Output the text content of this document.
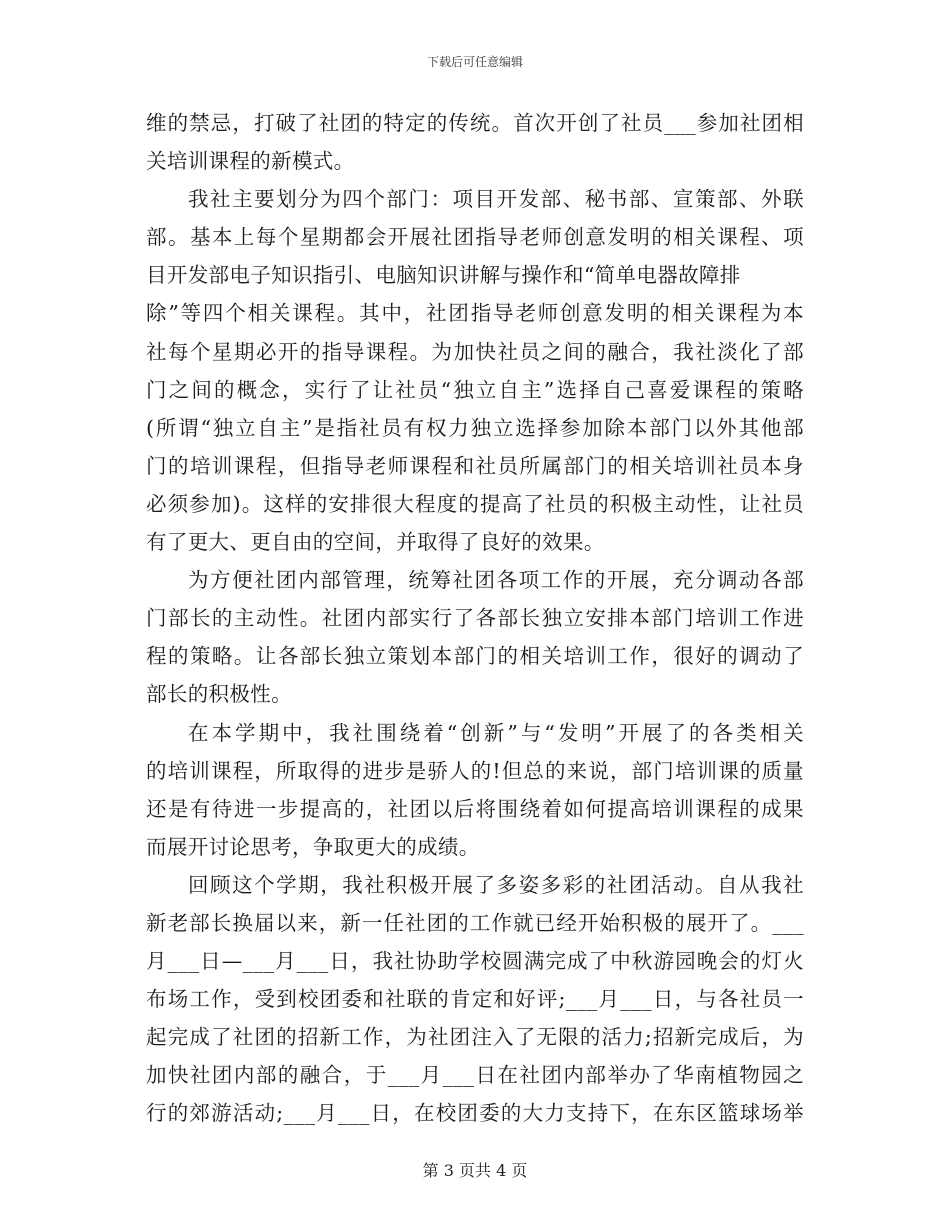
下载后可任意编辑
维的禁忌，打破了社团的特定的传统。首次开创了社员___参加社团相
关培训课程的新模式。
我社主要划分为四个部门：项目开发部、秘书部、宣策部、外联
部。基本上每个星期都会开展社团指导老师创意发明的相关课程、项
目开发部电子知识指引、电脑知识讲解与操作和“简单电器故障排
除”等四个相关课程。其中，社团指导老师创意发明的相关课程为本
社每个星期必开的指导课程。为加快社员之间的融合，我社淡化了部
门之间的概念，实行了让社员“独立自主”选择自己喜爱课程的策略
(所谓“独立自主”是指社员有权力独立选择参加除本部门以外其他部
门的培训课程，但指导老师课程和社员所属部门的相关培训社员本身
必须参加)。这样的安排很大程度的提高了社员的积极主动性，让社员
有了更大、更自由的空间，并取得了良好的效果。
为方便社团内部管理，统筹社团各项工作的开展，充分调动各部
门部长的主动性。社团内部实行了各部长独立安排本部门培训工作进
程的策略。让各部长独立策划本部门的相关培训工作，很好的调动了
部长的积极性。
在本学期中，我社围绕着“创新”与“发明”开展了的各类相关
的培训课程，所取得的进步是骄人的!但总的来说，部门培训课的质量
还是有待进一步提高的，社团以后将围绕着如何提高培训课程的成果
而展开讨论思考，争取更大的成绩。
回顾这个学期，我社积极开展了多姿多彩的社团活动。自从我社
新老部长换届以来，新一任社团的工作就已经开始积极的展开了。___
月___日—___月___日，我社协助学校圆满完成了中秋游园晚会的灯火
布场工作，受到校团委和社联的肯定和好评;___月___日，与各社员一
起完成了社团的招新工作，为社团注入了无限的活力;招新完成后，为
加快社团内部的融合，于___月___日在社团内部举办了华南植物园之
行的郊游活动;___月___日，在校团委的大力支持下，在东区篮球场举
第 3 页共 4 页
